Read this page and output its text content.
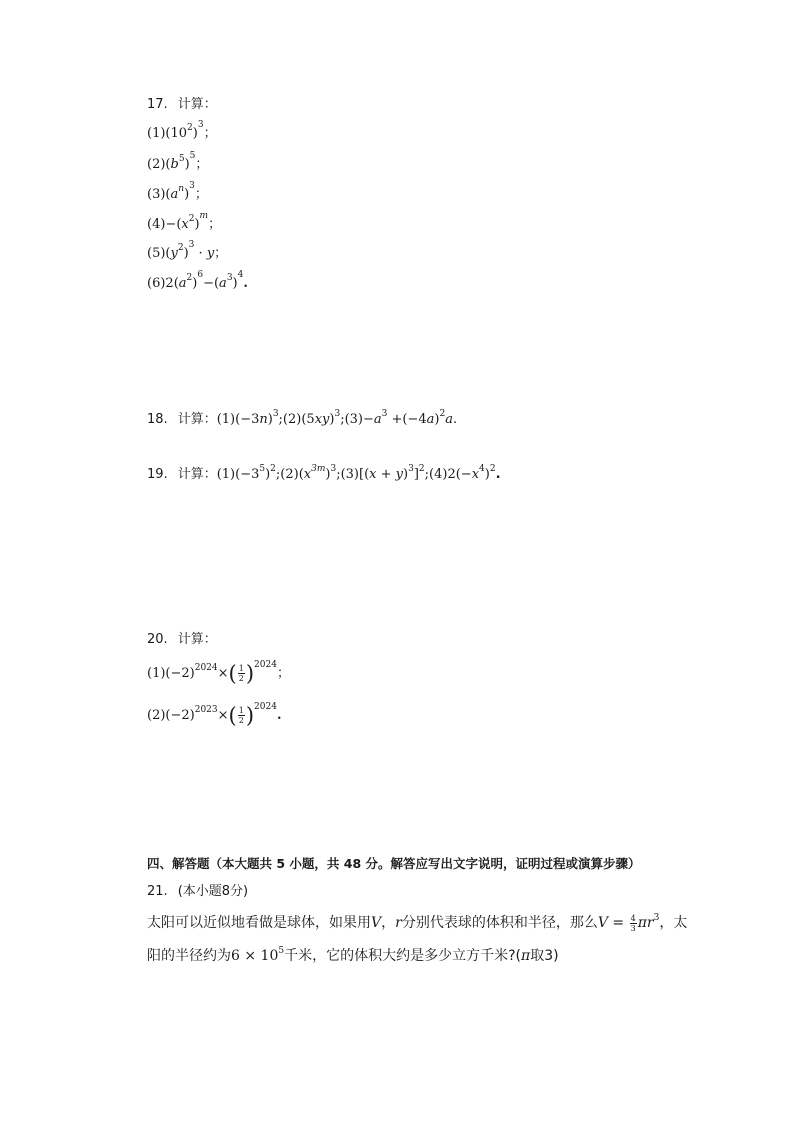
17. 计算：
$(1)(10^2)^3$；
$(2)(b^5)^5$；
$(3)(a^n)^3$；
$(4)-(x^2)^m$；
$(5)(y^2)^3 \cdot y$；
$(6)2(a^2)^6-(a^3)^4$.
18. 计算：$(1)(-3n)^3;(2)(5xy)^3;(3)-a^3 +(-4a)^2a$.
19. 计算：$(1)(-3^5)^2;(2)(x^{3m})^3;(3)[(x$ + $y)^3]^2;(4)2(-x^4)^2$.
20. 计算：
$(1)(-2)^{2024}\times( \frac{1}{2} )^{2024}$；
$(2)(-2)^{2023}\times( \frac{1}{2} )^{2024}$.
四、解答题（本大题共 5 小题，共 48 分。解答应写出文字说明，证明过程或演算步骤）
21. (本小题8分)
太阳可以近似地看做是球体，如果用V，r分别代表球的体积和半径，那么$V = \frac{4}{3} \pi r^3$，太
阳的半径约为$6 \times 10^5$千米，它的体积大约是多少立方千米?(π取3)
